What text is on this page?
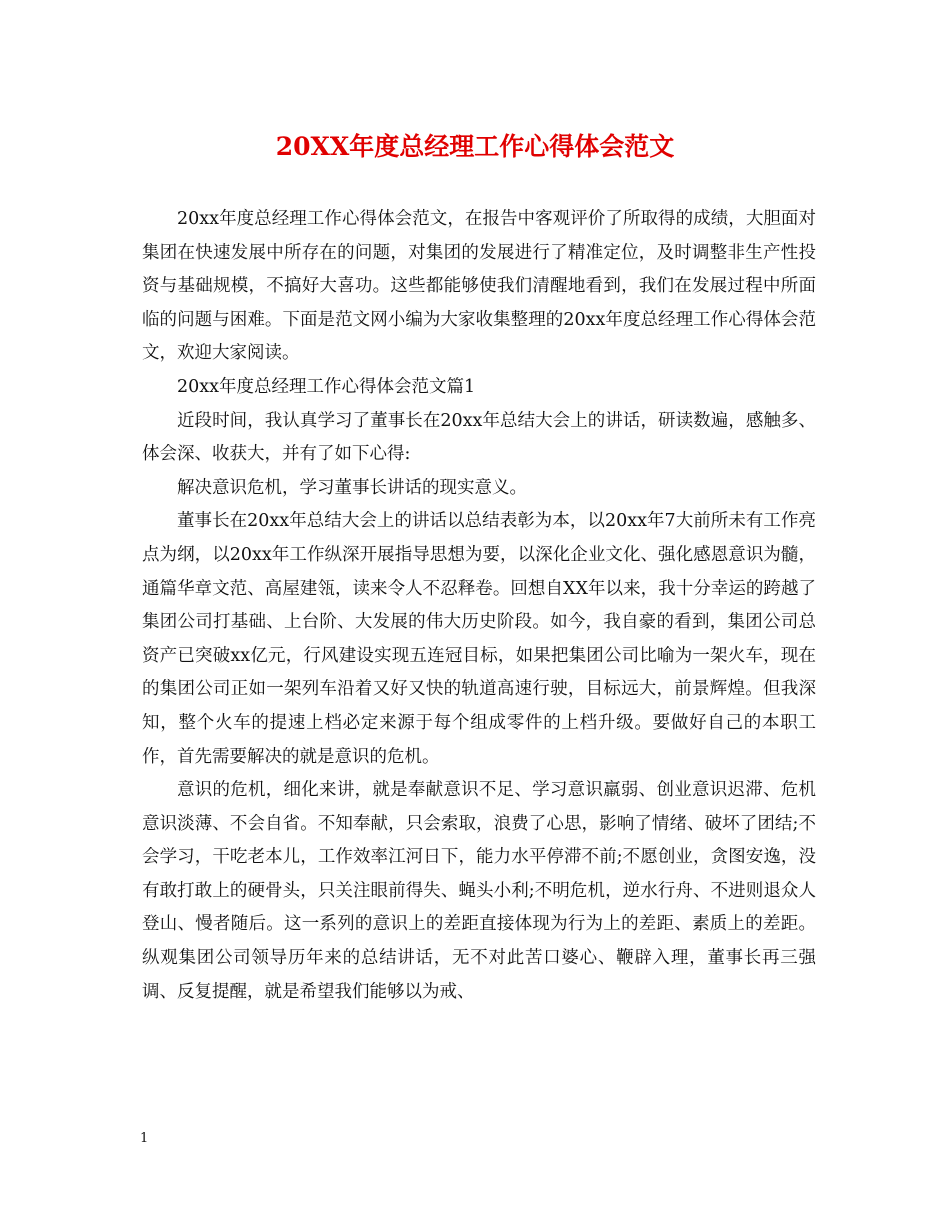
20XX年度总经理工作心得体会范文

20xx年度总经理工作心得体会范文，在报告中客观评价了所取得的成绩，大胆面对集团在快速发展中所存在的问题，对集团的发展进行了精准定位，及时调整非生产性投资与基础规模，不搞好大喜功。这些都能够使我们清醒地看到，我们在发展过程中所面临的问题与困难。下面是范文网小编为大家收集整理的20xx年度总经理工作心得体会范文，欢迎大家阅读。

20xx年度总经理工作心得体会范文篇1

近段时间，我认真学习了董事长在20xx年总结大会上的讲话，研读数遍，感触多、体会深、收获大，并有了如下心得:

解决意识危机，学习董事长讲话的现实意义。

董事长在20xx年总结大会上的讲话以总结表彰为本，以20xx年7大前所未有工作亮点为纲，以20xx年工作纵深开展指导思想为要，以深化企业文化、强化感恩意识为髓，通篇华章文范、高屋建瓴，读来令人不忍释卷。回想自XX年以来，我十分幸运的跨越了集团公司打基础、上台阶、大发展的伟大历史阶段。如今，我自豪的看到，集团公司总资产已突破xx亿元，行风建设实现五连冠目标，如果把集团公司比喻为一架火车，现在的集团公司正如一架列车沿着又好又快的轨道高速行驶，目标远大，前景辉煌。但我深知，整个火车的提速上档必定来源于每个组成零件的上档升级。要做好自己的本职工作，首先需要解决的就是意识的危机。

意识的危机，细化来讲，就是奉献意识不足、学习意识羸弱、创业意识迟滞、危机意识淡薄、不会自省。不知奉献，只会索取，浪费了心思，影响了情绪、破坏了团结;不会学习，干吃老本儿，工作效率江河日下，能力水平停滞不前;不愿创业，贪图安逸，没有敢打敢上的硬骨头，只关注眼前得失、蝇头小利;不明危机，逆水行舟、不进则退众人登山、慢者随后。这一系列的意识上的差距直接体现为行为上的差距、素质上的差距。纵观集团公司领导历年来的总结讲话，无不对此苦口婆心、鞭辟入理，董事长再三强调、反复提醒，就是希望我们能够以为戒、

1
